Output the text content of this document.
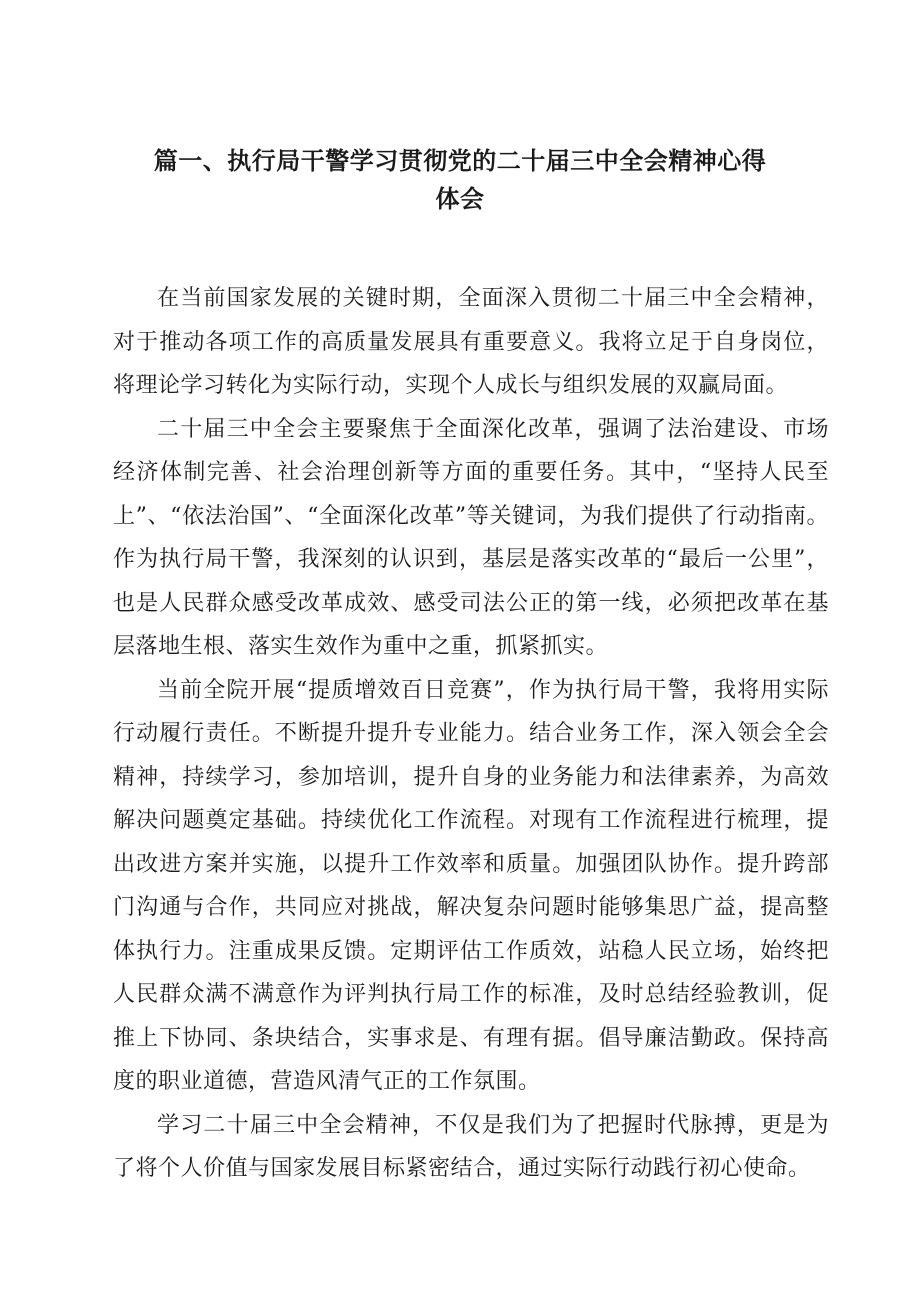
篇一、执行局干警学习贯彻党的二十届三中全会精神心得
体会

在当前国家发展的关键时期，全面深入贯彻二十届三中全会精神，对于推动各项工作的高质量发展具有重要意义。我将立足于自身岗位，将理论学习转化为实际行动，实现个人成长与组织发展的双赢局面。

二十届三中全会主要聚焦于全面深化改革，强调了法治建设、市场经济体制完善、社会治理创新等方面的重要任务。其中，“坚持人民至上”、“依法治国”、“全面深化改革”等关键词，为我们提供了行动指南。作为执行局干警，我深刻的认识到，基层是落实改革的“最后一公里”，也是人民群众感受改革成效、感受司法公正的第一线，必须把改革在基层落地生根、落实生效作为重中之重，抓紧抓实。

当前全院开展“提质增效百日竞赛”，作为执行局干警，我将用实际行动履行责任。不断提升提升专业能力。结合业务工作，深入领会全会精神，持续学习，参加培训，提升自身的业务能力和法律素养，为高效解决问题奠定基础。持续优化工作流程。对现有工作流程进行梳理，提出改进方案并实施，以提升工作效率和质量。加强团队协作。提升跨部门沟通与合作，共同应对挑战，解决复杂问题时能够集思广益，提高整体执行力。注重成果反馈。定期评估工作质效，站稳人民立场，始终把人民群众满不满意作为评判执行局工作的标准，及时总结经验教训，促推上下协同、条块结合，实事求是、有理有据。倡导廉洁勤政。保持高度的职业道德，营造风清气正的工作氛围。

学习二十届三中全会精神，不仅是我们为了把握时代脉搏，更是为了将个人价值与国家发展目标紧密结合，通过实际行动践行初心使命。
